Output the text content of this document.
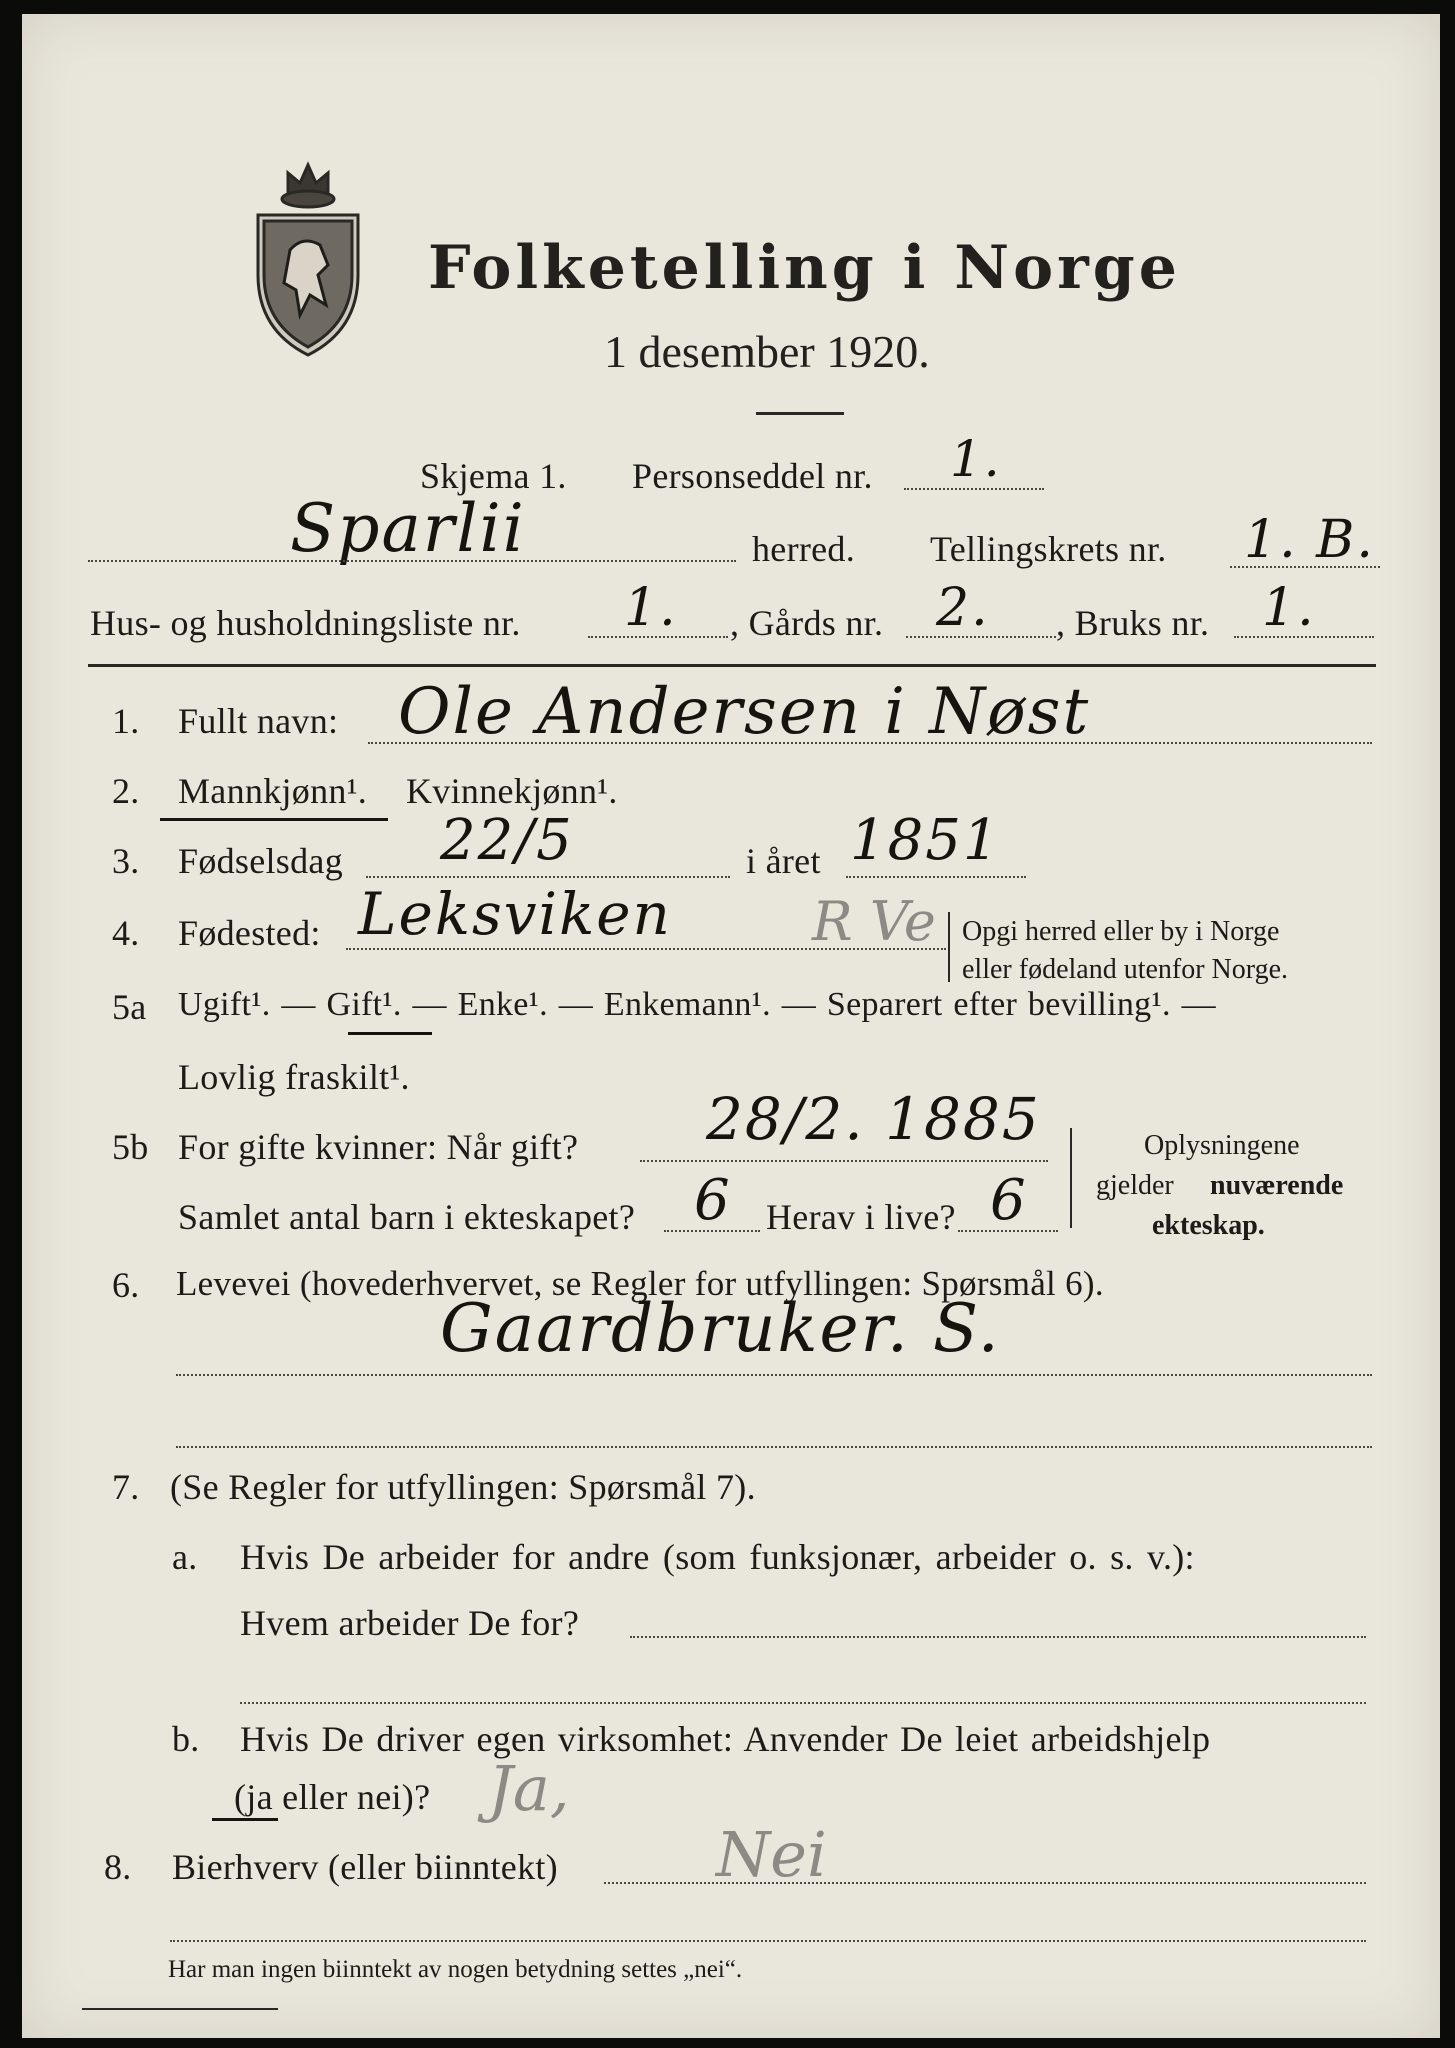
Folketelling i Norge
1 desember 1920.
Skjema 1. Personseddel nr. 1.
Sparlii	herred. Tellingskrets nr. 1. B.
Hus- og husholdningsliste nr. 1. , Gårds nr. 2. , Bruks nr. 1.
1. Fullt navn: Ole Andersen i Nøst
2. Mannkjønn¹. Kvinnekjønn¹.
3. Fødselsdag 22/5	i året 1851
4. Fødested: Leksviken	R Ve Opgi herred eller by i Norge
eller fødeland utenfor Norge.
5a Ugift¹. — Gift¹. — Enke¹. — Enkemann¹. — Separert efter bevilling¹. —
Lovlig fraskilt¹.
5b For gifte kvinner: Når gift? 28/2. 1885
Samlet antal barn i ekteskapet? 6 Herav i live? 6
Oplysningene
gjelder nuværende
ekteskap.
6. Levevei (hovederhvervet, se Regler for utfyllingen: Spørsmål 6).
Gaardbruker. S.
7. (Se Regler for utfyllingen: Spørsmål 7).
a. Hvis De arbeider for andre (som funksjonær, arbeider o. s. v.):
Hvem arbeider De for?
b. Hvis De driver egen virksomhet: Anvender De leiet arbeidshjelp
(ja eller nei)? Ja,
8. Bierhverv (eller biinntekt)	Nei
Har man ingen biinntekt av nogen betydning settes „nei“.
